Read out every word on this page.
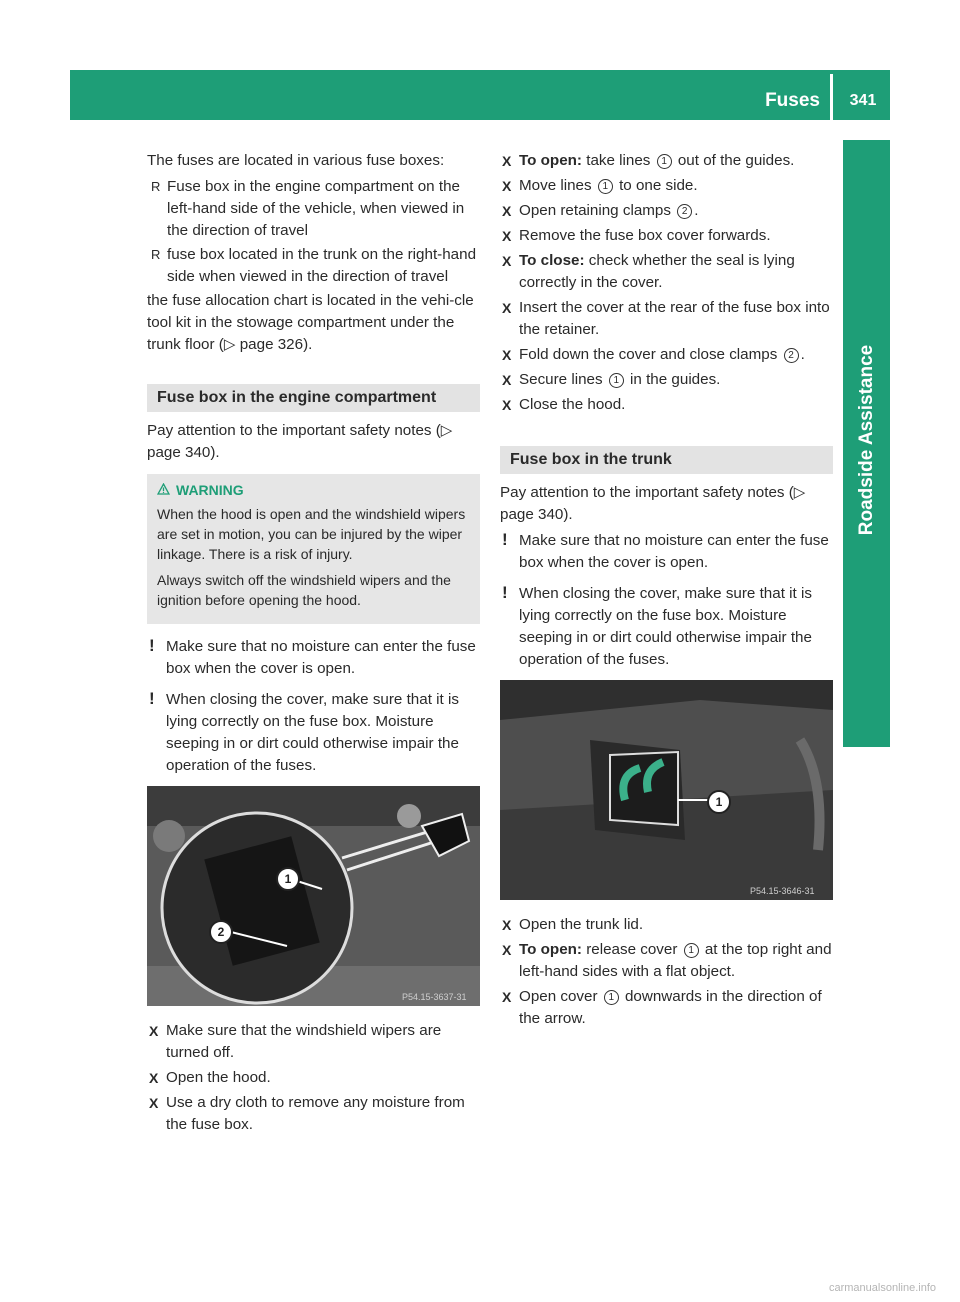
Fuses	341
Roadside Assistance

The fuses are located in various fuse boxes:

R Fuse box in the engine compartment on the left-hand side of the vehicle, when viewed in the direction of travel
R fuse box located in the trunk on the right-hand side when viewed in the direction of travel

the fuse allocation chart is located in the vehi-cle tool kit in the stowage compartment under the trunk floor (▷ page 326).

Fuse box in the engine compartment

Pay attention to the important safety notes (▷ page 340).

WARNING

When the hood is open and the windshield wipers are set in motion, you can be injured by the wiper linkage. There is a risk of injury.

Always switch off the windshield wipers and the ignition before opening the hood.

! Make sure that no moisture can enter the fuse box when the cover is open.
! When closing the cover, make sure that it is lying correctly on the fuse box. Moisture seeping in or dirt could otherwise impair the operation of the fuses.
P54.15-3637-31
1
2
X Make sure that the windshield wipers are turned off.
X Open the hood.
X Use a dry cloth to remove any moisture from the fuse box.
X To open: take lines 1 out of the guides.
X Move lines 1 to one side.
X Open retaining clamps 2 .
X Remove the fuse box cover forwards.
X To close: check whether the seal is lying correctly in the cover.
X Insert the cover at the rear of the fuse box into the retainer.
X Fold down the cover and close clamps 2 .
X Secure lines 1 in the guides.
X Close the hood.
Fuse box in the trunk

Pay attention to the important safety notes (▷ page 340).

! Make sure that no moisture can enter the fuse box when the cover is open.
! When closing the cover, make sure that it is lying correctly on the fuse box. Moisture seeping in or dirt could otherwise impair the operation of the fuses.
P54.15-3646-31
1
X Open the trunk lid.
X To open: release cover 1 at the top right and left-hand sides with a flat object.
X Open cover 1 downwards in the direction of the arrow.
carmanualsonline.info
